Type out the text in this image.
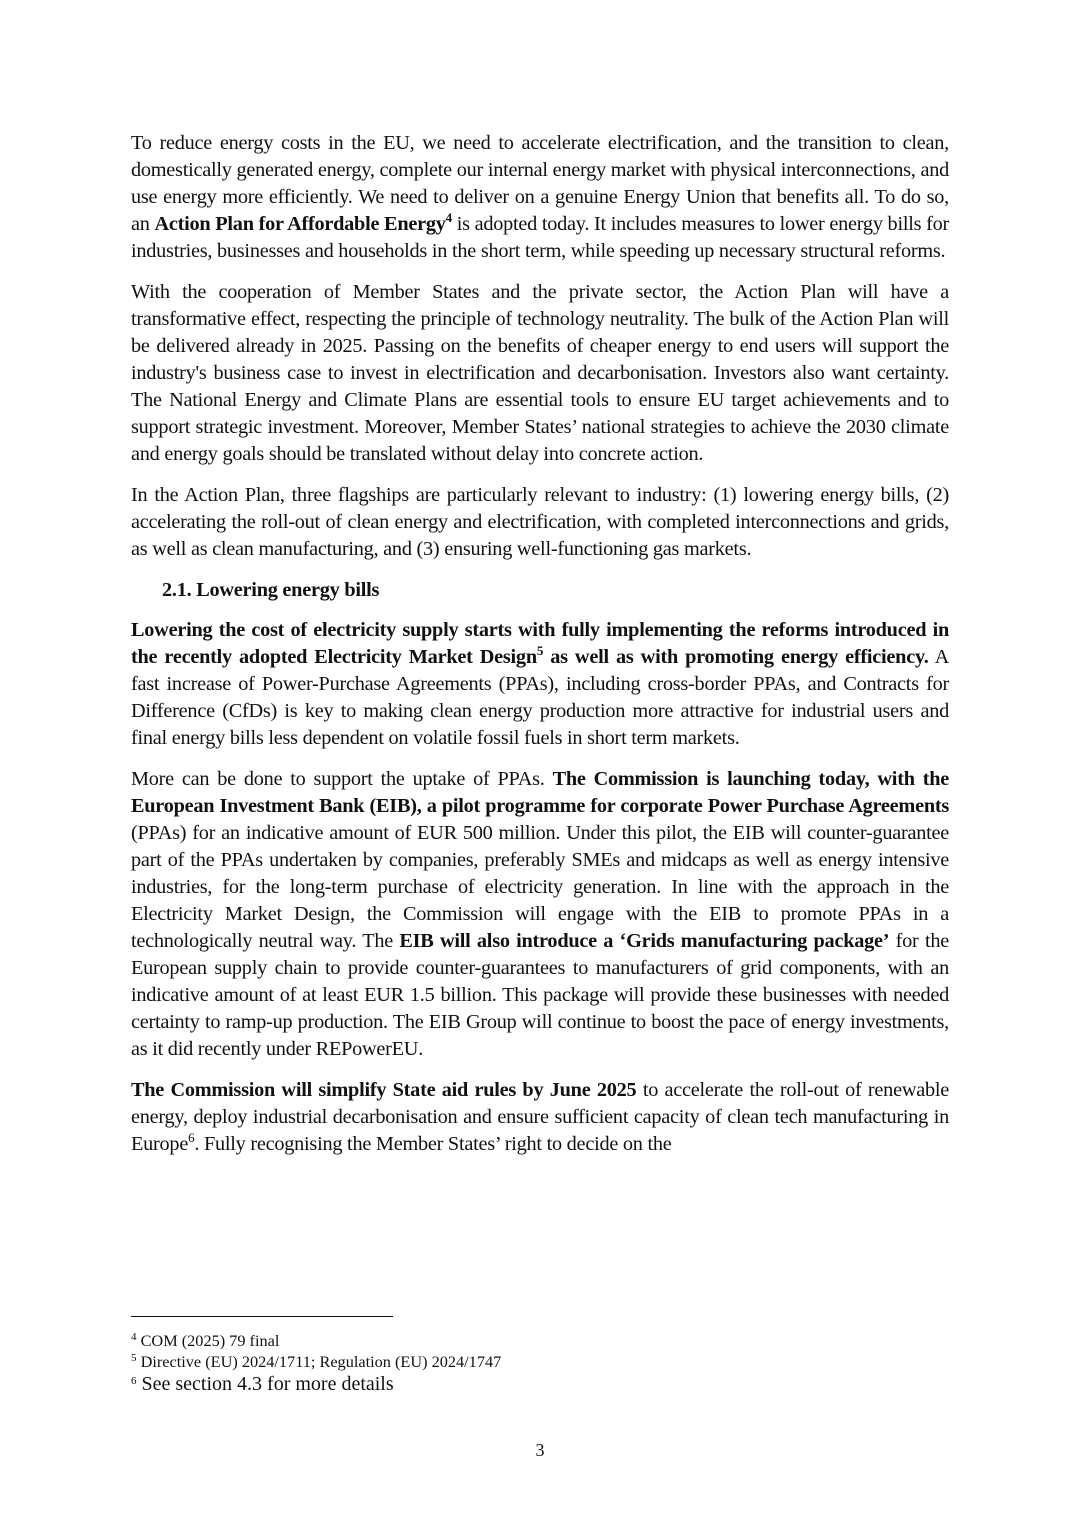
To reduce energy costs in the EU, we need to accelerate electrification, and the transition to clean, domestically generated energy, complete our internal energy market with physical interconnections, and use energy more efficiently. We need to deliver on a genuine Energy Union that benefits all. To do so, an Action Plan for Affordable Energy$^4$ is adopted today. It includes measures to lower energy bills for industries, businesses and households in the short term, while speeding up necessary structural reforms.
With the cooperation of Member States and the private sector, the Action Plan will have a transformative effect, respecting the principle of technology neutrality. The bulk of the Action Plan will be delivered already in 2025. Passing on the benefits of cheaper energy to end users will support the industry's business case to invest in electrification and decarbonisation. Investors also want certainty. The National Energy and Climate Plans are essential tools to ensure EU target achievements and to support strategic investment. Moreover, Member States’ national strategies to achieve the 2030 climate and energy goals should be translated without delay into concrete action.
In the Action Plan, three flagships are particularly relevant to industry: (1) lowering energy bills, (2) accelerating the roll-out of clean energy and electrification, with completed interconnections and grids, as well as clean manufacturing, and (3) ensuring well-functioning gas markets.
2.1. Lowering energy bills
Lowering the cost of electricity supply starts with fully implementing the reforms introduced in the recently adopted Electricity Market Design$^5$ as well as with promoting energy efficiency. A fast increase of Power-Purchase Agreements (PPAs), including cross-border PPAs, and Contracts for Difference (CfDs) is key to making clean energy production more attractive for industrial users and final energy bills less dependent on volatile fossil fuels in short term markets.
More can be done to support the uptake of PPAs. The Commission is launching today, with the European Investment Bank (EIB), a pilot programme for corporate Power Purchase Agreements (PPAs) for an indicative amount of EUR 500 million. Under this pilot, the EIB will counter-guarantee part of the PPAs undertaken by companies, preferably SMEs and midcaps as well as energy intensive industries, for the long-term purchase of electricity generation. In line with the approach in the Electricity Market Design, the Commission will engage with the EIB to promote PPAs in a technologically neutral way. The EIB will also introduce a ‘Grids manufacturing package’ for the European supply chain to provide counter-guarantees to manufacturers of grid components, with an indicative amount of at least EUR 1.5 billion. This package will provide these businesses with needed certainty to ramp-up production. The EIB Group will continue to boost the pace of energy investments, as it did recently under REPowerEU.
The Commission will simplify State aid rules by June 2025 to accelerate the roll-out of renewable energy, deploy industrial decarbonisation and ensure sufficient capacity of clean tech manufacturing in Europe$^6$. Fully recognising the Member States’ right to decide on the
$^4$ COM (2025) 79 final
$^5$ Directive (EU) 2024/1711; Regulation (EU) 2024/1747
$^6$ See section 4.3 for more details
3
